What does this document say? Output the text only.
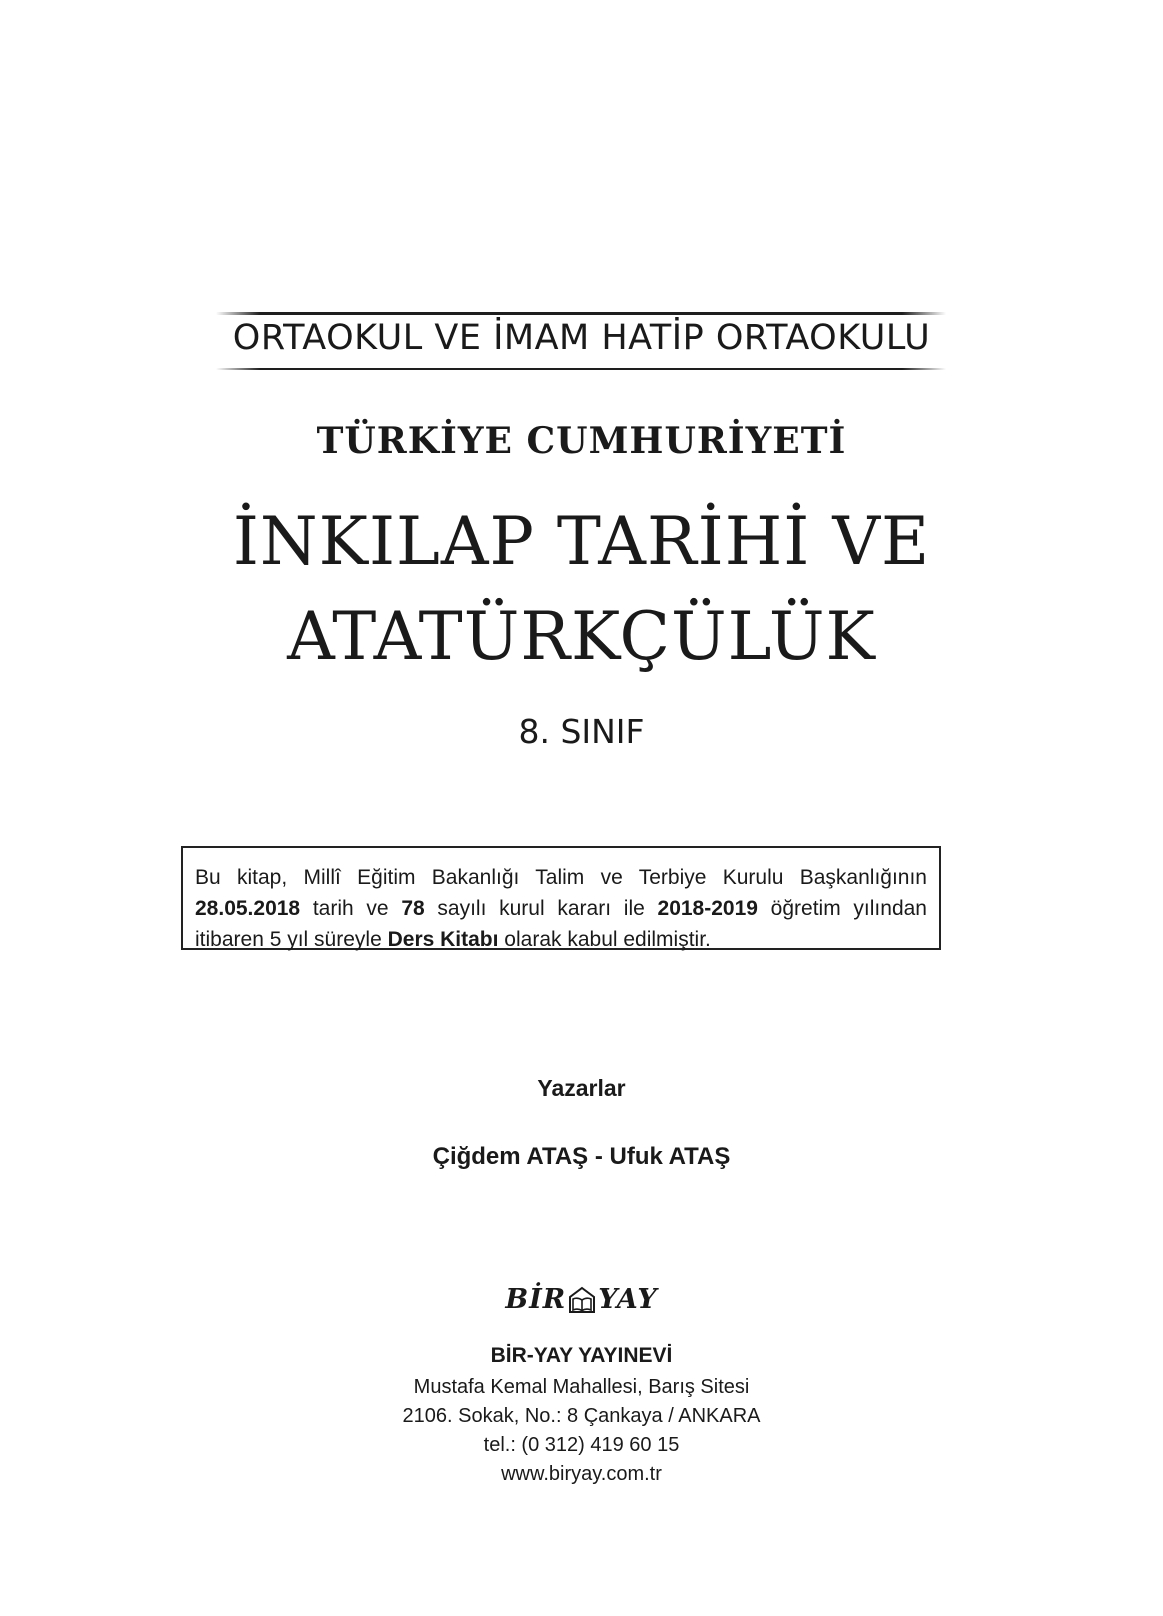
ORTAOKUL VE İMAM HATİP ORTAOKULU
TÜRKİYE CUMHURİYETİ
İNKILAP TARİHİ VE
ATATÜRKÇÜLÜK
8. SINIF
Bu kitap, Millî Eğitim Bakanlığı Talim ve Terbiye Kurulu Başkanlığının 28.05.2018 tarih ve 78 sayılı kurul kararı ile 2018-2019 öğretim yılından itibaren 5 yıl süreyle Ders Kitabı olarak kabul edilmiştir.
Yazarlar
Çiğdem ATAŞ - Ufuk ATAŞ
BİR YAY
BİR-YAY YAYINEVİ
Mustafa Kemal Mahallesi, Barış Sitesi
2106. Sokak, No.: 8 Çankaya / ANKARA
tel.: (0 312) 419 60 15
www.biryay.com.tr
